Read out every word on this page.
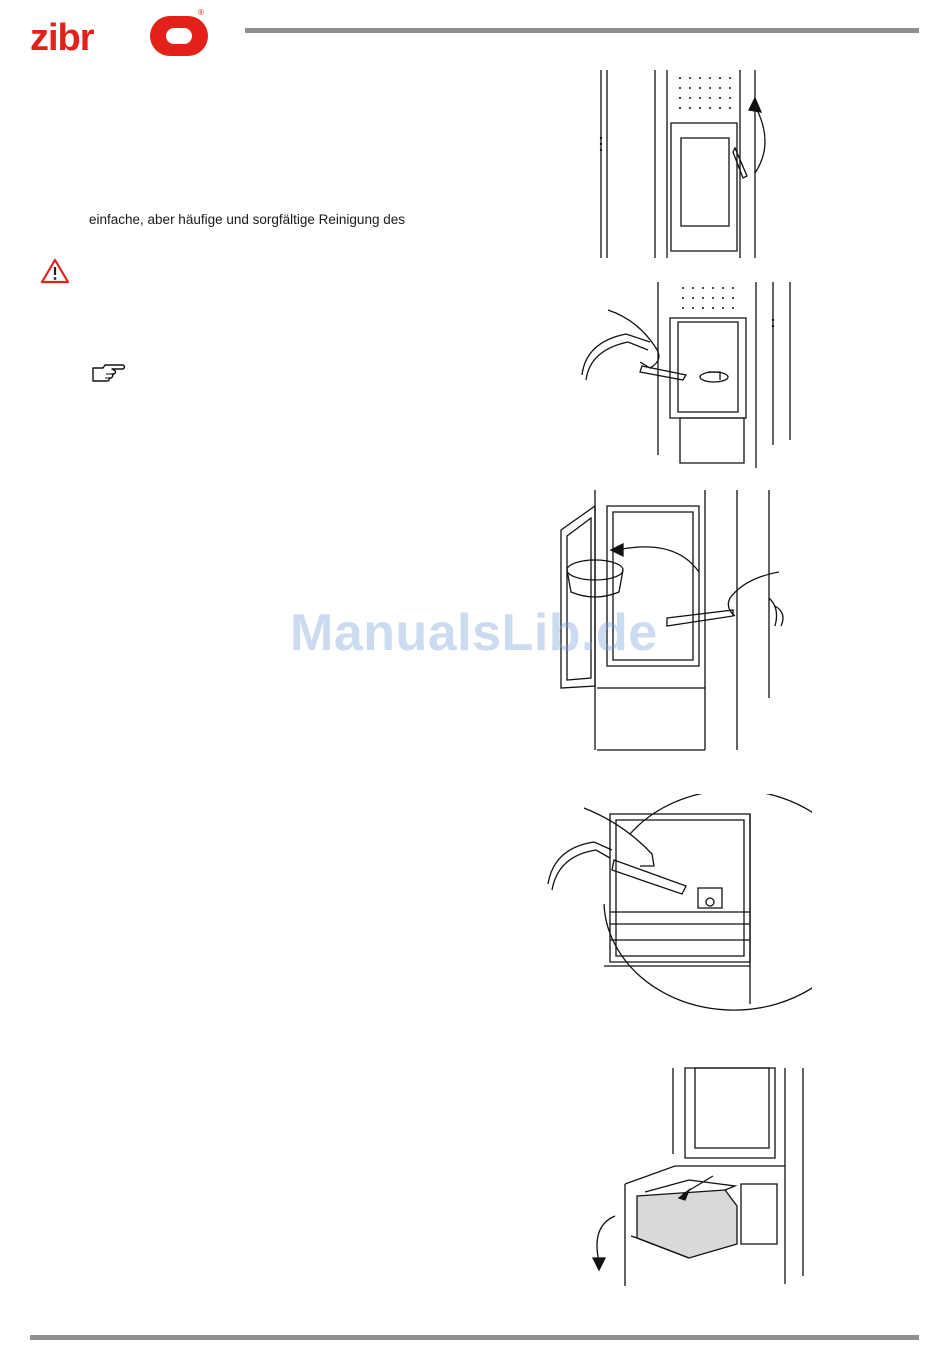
zibr
®
einfache, aber häufige und sorgfältige Reinigung des
ManualsLib.de
